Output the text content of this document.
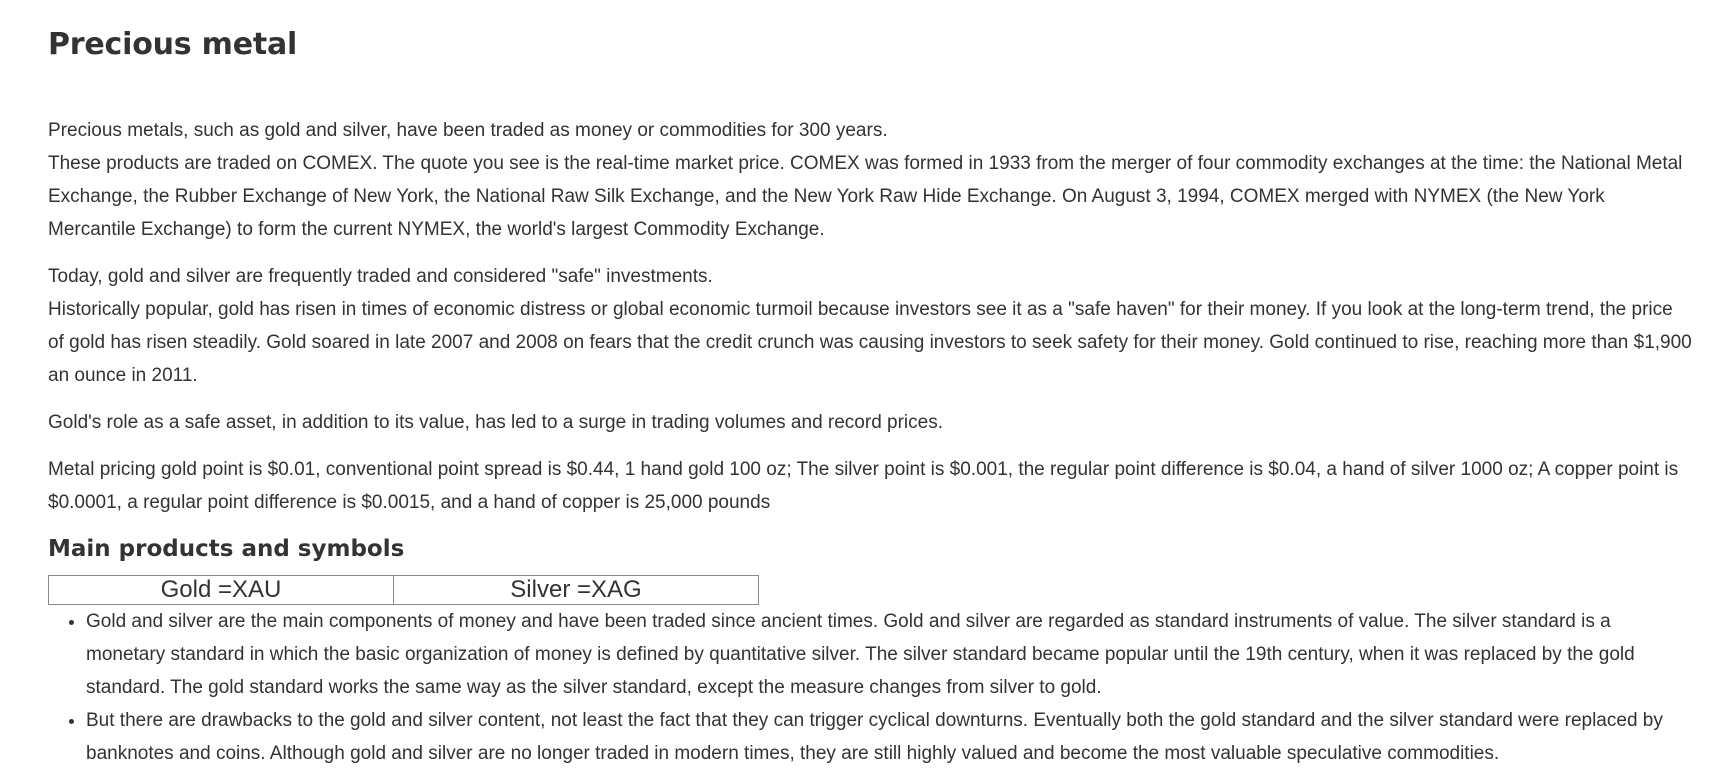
Precious metal

Precious metals, such as gold and silver, have been traded as money or commodities for 300 years.

These products are traded on COMEX. The quote you see is the real-time market price. COMEX was formed in 1933 from the merger of four commodity exchanges at the time: the National Metal Exchange, the Rubber Exchange of New York, the National Raw Silk Exchange, and the New York Raw Hide Exchange. On August 3, 1994, COMEX merged with NYMEX (the New York Mercantile Exchange) to form the current NYMEX, the world's largest Commodity Exchange.

Today, gold and silver are frequently traded and considered "safe" investments.

Historically popular, gold has risen in times of economic distress or global economic turmoil because investors see it as a "safe haven" for their money. If you look at the long-term trend, the price of gold has risen steadily. Gold soared in late 2007 and 2008 on fears that the credit crunch was causing investors to seek safety for their money. Gold continued to rise, reaching more than $1,900 an ounce in 2011.

Gold's role as a safe asset, in addition to its value, has led to a surge in trading volumes and record prices.

Metal pricing gold point is $0.01, conventional point spread is $0.44, 1 hand gold 100 oz; The silver point is $0.001, the regular point difference is $0.04, a hand of silver 1000 oz; A copper point is $0.0001, a regular point difference is $0.0015, and a hand of copper is 25,000 pounds

Main products and symbols
Gold =XAU	Silver =XAG
• Gold and silver are the main components of money and have been traded since ancient times. Gold and silver are regarded as standard instruments of value. The silver standard is a monetary standard in which the basic organization of money is defined by quantitative silver. The silver standard became popular until the 19th century, when it was replaced by the gold standard. The gold standard works the same way as the silver standard, except the measure changes from silver to gold.
• But there are drawbacks to the gold and silver content, not least the fact that they can trigger cyclical downturns. Eventually both the gold standard and the silver standard were replaced by banknotes and coins. Although gold and silver are no longer traded in modern times, they are still highly valued and become the most valuable speculative commodities.
